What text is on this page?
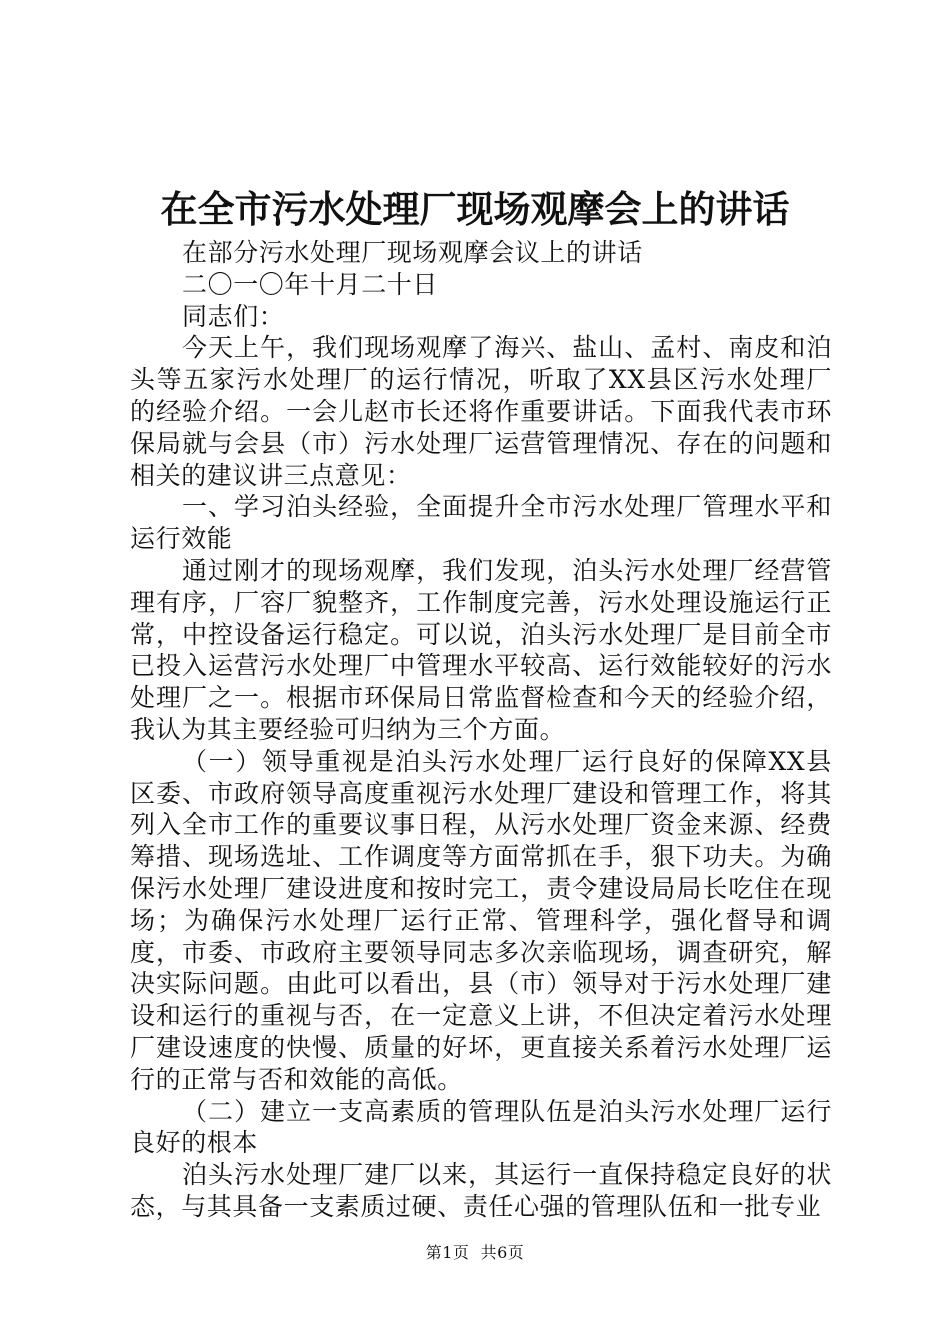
在全市污水处理厂现场观摩会上的讲话

在部分污水处理厂现场观摩会议上的讲话

二〇一〇年十月二十日

同志们：

今天上午，我们现场观摩了海兴、盐山、孟村、南皮和泊头等五家污水处理厂的运行情况，听取了XX县区污水处理厂的经验介绍。一会儿赵市长还将作重要讲话。下面我代表市环保局就与会县（市）污水处理厂运营管理情况、存在的问题和相关的建议讲三点意见：

一、学习泊头经验，全面提升全市污水处理厂管理水平和运行效能

通过刚才的现场观摩，我们发现，泊头污水处理厂经营管理有序，厂容厂貌整齐，工作制度完善，污水处理设施运行正常，中控设备运行稳定。可以说，泊头污水处理厂是目前全市已投入运营污水处理厂中管理水平较高、运行效能较好的污水处理厂之一。根据市环保局日常监督检查和今天的经验介绍，我认为其主要经验可归纳为三个方面。

（一）领导重视是泊头污水处理厂运行良好的保障XX县区委、市政府领导高度重视污水处理厂建设和管理工作，将其列入全市工作的重要议事日程，从污水处理厂资金来源、经费筹措、现场选址、工作调度等方面常抓在手，狠下功夫。为确保污水处理厂建设进度和按时完工，责令建设局局长吃住在现场；为确保污水处理厂运行正常、管理科学，强化督导和调度，市委、市政府主要领导同志多次亲临现场，调查研究，解决实际问题。由此可以看出，县（市）领导对于污水处理厂建设和运行的重视与否，在一定意义上讲，不但决定着污水处理厂建设速度的快慢、质量的好坏，更直接关系着污水处理厂运行的正常与否和效能的高低。

（二）建立一支高素质的管理队伍是泊头污水处理厂运行良好的根本

泊头污水处理厂建厂以来，其运行一直保持稳定良好的状态，与其具备一支素质过硬、责任心强的管理队伍和一批专业

第1页  共6页
